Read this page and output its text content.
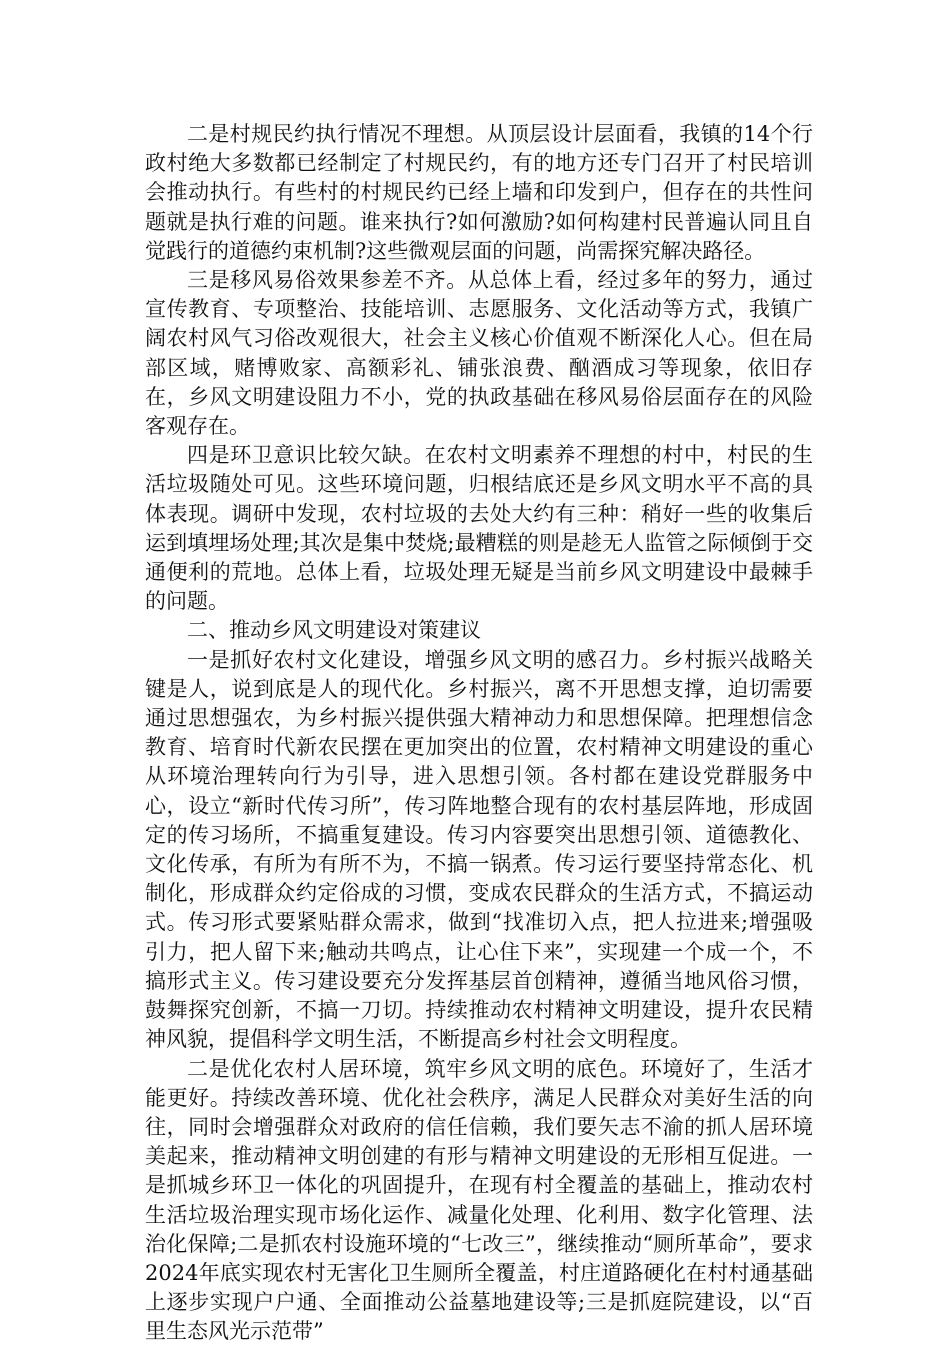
二是村规民约执行情况不理想。从顶层设计层面看，我镇的14个行政村绝大多数都已经制定了村规民约，有的地方还专门召开了村民培训会推动执行。有些村的村规民约已经上墙和印发到户，但存在的共性问题就是执行难的问题。谁来执行?如何激励?如何构建村民普遍认同且自觉践行的道德约束机制?这些微观层面的问题，尚需探究解决路径。

三是移风易俗效果参差不齐。从总体上看，经过多年的努力，通过宣传教育、专项整治、技能培训、志愿服务、文化活动等方式，我镇广阔农村风气习俗改观很大，社会主义核心价值观不断深化人心。但在局部区域，赌博败家、高额彩礼、铺张浪费、酗酒成习等现象，依旧存在，乡风文明建设阻力不小，党的执政基础在移风易俗层面存在的风险客观存在。

四是环卫意识比较欠缺。在农村文明素养不理想的村中，村民的生活垃圾随处可见。这些环境问题，归根结底还是乡风文明水平不高的具体表现。调研中发现，农村垃圾的去处大约有三种：稍好一些的收集后运到填埋场处理;其次是集中焚烧;最糟糕的则是趁无人监管之际倾倒于交通便利的荒地。总体上看，垃圾处理无疑是当前乡风文明建设中最棘手的问题。

二、推动乡风文明建设对策建议

一是抓好农村文化建设，增强乡风文明的感召力。乡村振兴战略关键是人，说到底是人的现代化。乡村振兴，离不开思想支撑，迫切需要通过思想强农，为乡村振兴提供强大精神动力和思想保障。把理想信念教育、培育时代新农民摆在更加突出的位置，农村精神文明建设的重心从环境治理转向行为引导，进入思想引领。各村都在建设党群服务中心，设立“新时代传习所”，传习阵地整合现有的农村基层阵地，形成固定的传习场所，不搞重复建设。传习内容要突出思想引领、道德教化、文化传承，有所为有所不为，不搞一锅煮。传习运行要坚持常态化、机制化，形成群众约定俗成的习惯，变成农民群众的生活方式，不搞运动式。传习形式要紧贴群众需求，做到“找准切入点，把人拉进来;增强吸引力，把人留下来;触动共鸣点，让心住下来”，实现建一个成一个，不搞形式主义。传习建设要充分发挥基层首创精神，遵循当地风俗习惯，鼓舞探究创新，不搞一刀切。持续推动农村精神文明建设，提升农民精神风貌，提倡科学文明生活，不断提高乡村社会文明程度。

二是优化农村人居环境，筑牢乡风文明的底色。环境好了，生活才能更好。持续改善环境、优化社会秩序，满足人民群众对美好生活的向往，同时会增强群众对政府的信任信赖，我们要矢志不渝的抓人居环境美起来，推动精神文明创建的有形与精神文明建设的无形相互促进。一是抓城乡环卫一体化的巩固提升，在现有村全覆盖的基础上，推动农村生活垃圾治理实现市场化运作、减量化处理、化利用、数字化管理、法治化保障;二是抓农村设施环境的“七改三”，继续推动“厕所革命”，要求2024年底实现农村无害化卫生厕所全覆盖，村庄道路硬化在村村通基础上逐步实现户户通、全面推动公益墓地建设等;三是抓庭院建设，以“百里生态风光示范带”
